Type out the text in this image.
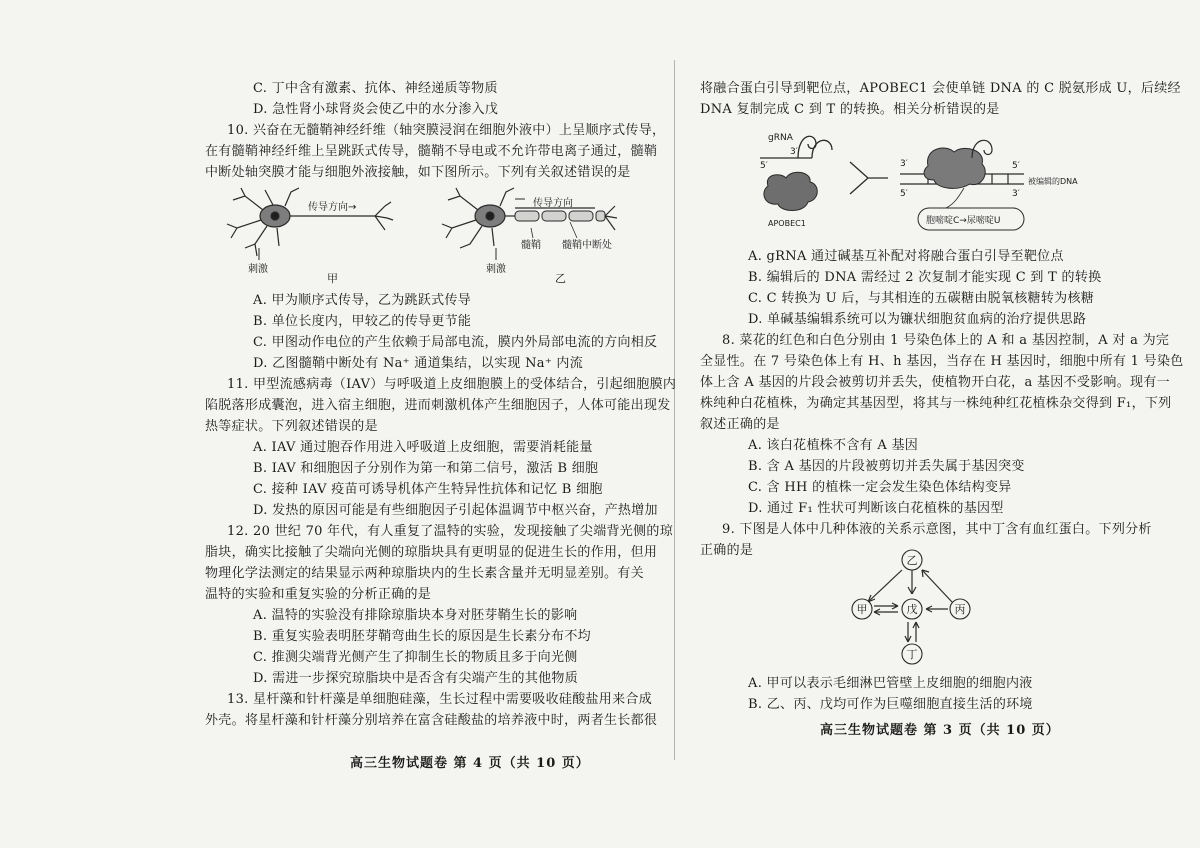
C. 丁中含有激素、抗体、神经递质等物质
D. 急性肾小球肾炎会使乙中的水分渗入戊
10. 兴奋在无髓鞘神经纤维（轴突膜浸润在细胞外液中）上呈顺序式传导，
在有髓鞘神经纤维上呈跳跃式传导，髓鞘不导电或不允许带电离子通过，髓鞘
中断处轴突膜才能与细胞外液接触，如下图所示。下列有关叙述错误的是
传导方向→
刺激
甲
传导方向
髓鞘 髓鞘中断处
刺激
乙
A. 甲为顺序式传导，乙为跳跃式传导
B. 单位长度内，甲较乙的传导更节能
C. 甲图动作电位的产生依赖于局部电流，膜内外局部电流的方向相反
D. 乙图髓鞘中断处有 Na⁺ 通道集结，以实现 Na⁺ 内流
11. 甲型流感病毒（IAV）与呼吸道上皮细胞膜上的受体结合，引起细胞膜内
陷脱落形成囊泡，进入宿主细胞，进而刺激机体产生细胞因子，人体可能出现发
热等症状。下列叙述错误的是
A. IAV 通过胞吞作用进入呼吸道上皮细胞，需要消耗能量
B. IAV 和细胞因子分别作为第一和第二信号，激活 B 细胞
C. 接种 IAV 疫苗可诱导机体产生特异性抗体和记忆 B 细胞
D. 发热的原因可能是有些细胞因子引起体温调节中枢兴奋，产热增加
12. 20 世纪 70 年代，有人重复了温特的实验，发现接触了尖端背光侧的琼
脂块，确实比接触了尖端向光侧的琼脂块具有更明显的促进生长的作用，但用
物理化学法测定的结果显示两种琼脂块内的生长素含量并无明显差别。有关
温特的实验和重复实验的分析正确的是
A. 温特的实验没有排除琼脂块本身对胚芽鞘生长的影响
B. 重复实验表明胚芽鞘弯曲生长的原因是生长素分布不均
C. 推测尖端背光侧产生了抑制生长的物质且多于向光侧
D. 需进一步探究琼脂块中是否含有尖端产生的其他物质
13. 星杆藻和针杆藻是单细胞硅藻，生长过程中需要吸收硅酸盐用来合成
外壳。将星杆藻和针杆藻分别培养在富含硅酸盐的培养液中时，两者生长都很
高三生物试题卷 第 4 页（共 10 页）
将融合蛋白引导到靶位点，APOBEC1 会使单链 DNA 的 C 脱氨形成 U，后续经
DNA 复制完成 C 到 T 的转换。相关分析错误的是
gRNA
5′
3′
APOBEC1
3′	5′
5′	3′
被编辑的DNA
胞嘧啶C→尿嘧啶U
A. gRNA 通过碱基互补配对将融合蛋白引导至靶位点
B. 编辑后的 DNA 需经过 2 次复制才能实现 C 到 T 的转换
C. C 转换为 U 后，与其相连的五碳糖由脱氧核糖转为核糖
D. 单碱基编辑系统可以为镰状细胞贫血病的治疗提供思路
8. 菜花的红色和白色分别由 1 号染色体上的 A 和 a 基因控制，A 对 a 为完
全显性。在 7 号染色体上有 H、h 基因，当存在 H 基因时，细胞中所有 1 号染色
体上含 A 基因的片段会被剪切并丢失，使植物开白花，a 基因不受影响。现有一
株纯种白花植株，为确定其基因型，将其与一株纯种红花植株杂交得到 F₁，下列
叙述正确的是
A. 该白花植株不含有 A 基因
B. 含 A 基因的片段被剪切并丢失属于基因突变
C. 含 HH 的植株一定会发生染色体结构变异
D. 通过 F₁ 性状可判断该白花植株的基因型
9. 下图是人体中几种体液的关系示意图，其中丁含有血红蛋白。下列分析
正确的是
乙
甲	戊	丙
丁
A. 甲可以表示毛细淋巴管壁上皮细胞的细胞内液
B. 乙、丙、戊均可作为巨噬细胞直接生活的环境
高三生物试题卷 第 3 页（共 10 页）
